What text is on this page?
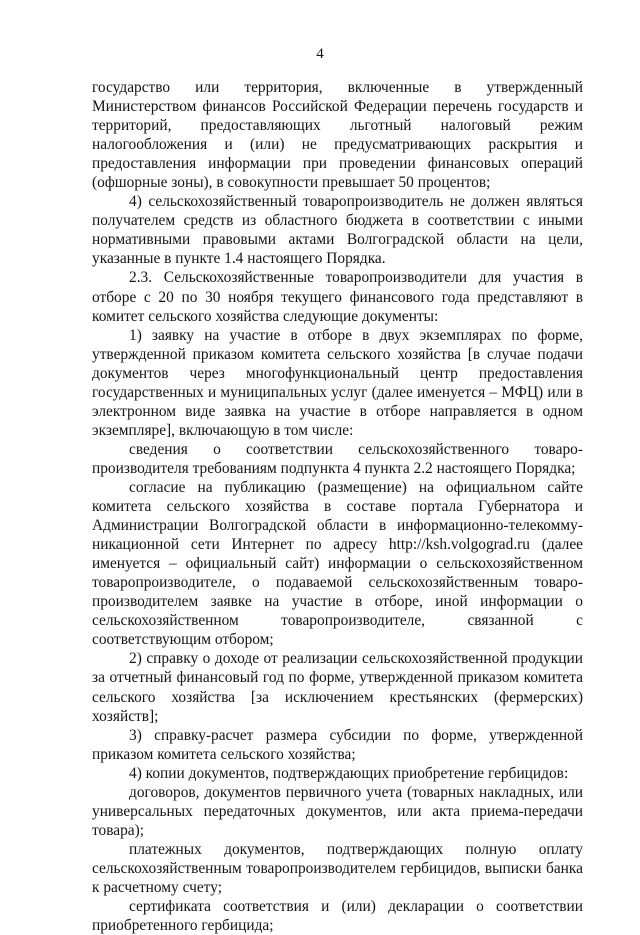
4

государство или территория, включенные в утвержденный Министерством финансов Российской Федерации перечень государств и территорий, предоставляющих льготный налоговый режим налогообложения и (или) не предусматривающих раскрытия и предоставления информации при проведении финансовых операций (офшорные зоны), в совокупности превышает 50 процентов;

4) сельскохозяйственный товаропроизводитель не должен являться получателем средств из областного бюджета в соответствии с иными нормативными правовыми актами Волгоградской области на цели, указанные в пункте 1.4 настоящего Порядка.

2.3. Сельскохозяйственные товаропроизводители для участия в отборе с 20 по 30 ноября текущего финансового года представляют в комитет сельского хозяйства следующие документы:

1) заявку на участие в отборе в двух экземплярах по форме, утвержденной приказом комитета сельского хозяйства [в случае подачи документов через многофункциональный центр предоставления государственных и муниципальных услуг (далее именуется – МФЦ) или в электронном виде заявка на участие в отборе направляется в одном экземпляре], включающую в том числе:

сведения о соответствии сельскохозяйственного товаропроизводителя требованиям подпункта 4 пункта 2.2 настоящего Порядка;

согласие на публикацию (размещение) на официальном сайте комитета сельского хозяйства в составе портала Губернатора и Администрации Волгоградской области в информационно-телекоммуникационной сети Интернет по адресу http://ksh.volgograd.ru (далее именуется – официальный сайт) информации о сельскохозяйственном товаропроизводителе, о подаваемой сельскохозяйственным товаропроизводителем заявке на участие в отборе, иной информации о сельскохозяйственном товаропроизводителе, связанной с соответствующим отбором;

2) справку о доходе от реализации сельскохозяйственной продукции за отчетный финансовый год по форме, утвержденной приказом комитета сельского хозяйства [за исключением крестьянских (фермерских) хозяйств];

3) справку-расчет размера субсидии по форме, утвержденной приказом комитета сельского хозяйства;

4) копии документов, подтверждающих приобретение гербицидов:

договоров, документов первичного учета (товарных накладных, или универсальных передаточных документов, или акта приема-передачи товара);

платежных документов, подтверждающих полную оплату сельскохозяйственным товаропроизводителем гербицидов, выписки банка к расчетному счету;

сертификата соответствия и (или) декларации о соответствии приобретенного гербицида;
